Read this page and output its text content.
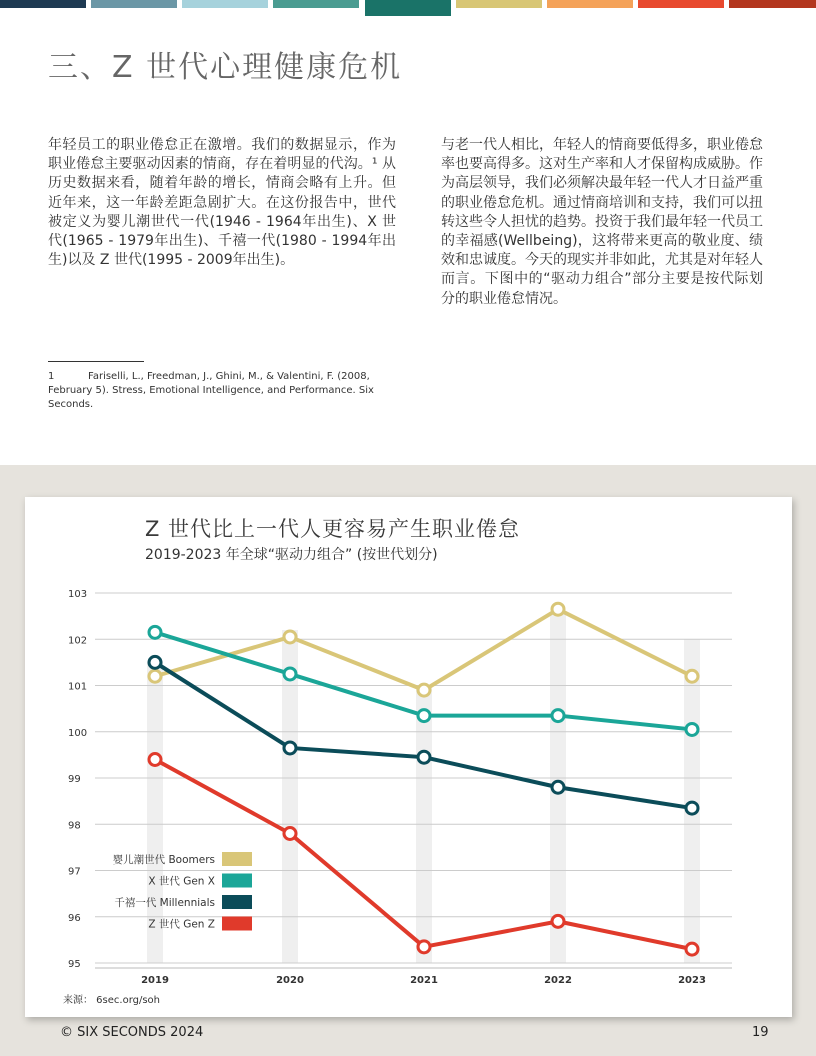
三、Z 世代心理健康危机

年轻员工的职业倦怠正在激增。我们的数据显示，作为职业倦怠主要驱动因素的情商，存在着明显的代沟。¹ 从历史数据来看，随着年龄的增长，情商会略有上升。但近年来，这一年龄差距急剧扩大。在这份报告中，世代被定义为婴儿潮世代一代(1946 - 1964年出生)、X 世代(1965 - 1979年出生)、千禧一代(1980 - 1994年出生)以及 Z 世代(1995 - 2009年出生)。

与老一代人相比，年轻人的情商要低得多，职业倦怠率也要高得多。这对生产率和人才保留构成威胁。作为高层领导，我们必须解决最年轻一代人才日益严重的职业倦怠危机。通过情商培训和支持，我们可以扭转这些令人担忧的趋势。投资于我们最年轻一代员工的幸福感(Wellbeing)，这将带来更高的敬业度、绩效和忠诚度。今天的现实并非如此，尤其是对年轻人而言。下图中的“驱动力组合”部分主要是按代际划分的职业倦怠情况。

1	Fariselli, L., Freedman, J., Ghini, M., & Valentini, F. (2008, February 5). Stress, Emotional Intelligence, and Performance. Six Seconds.

Z 世代比上一代人更容易产生职业倦怠

2019-2023 年全球“驱动力组合” (按世代划分)

95
96
97
98
99
100
101
102
103
2019	2020	2021	2022	2023
婴儿潮世代 Boomers
X 世代 Gen X
千禧一代 Millennials
Z 世代 Gen Z

来源： 6sec.org/soh

© SIX SECONDS 2024	19
